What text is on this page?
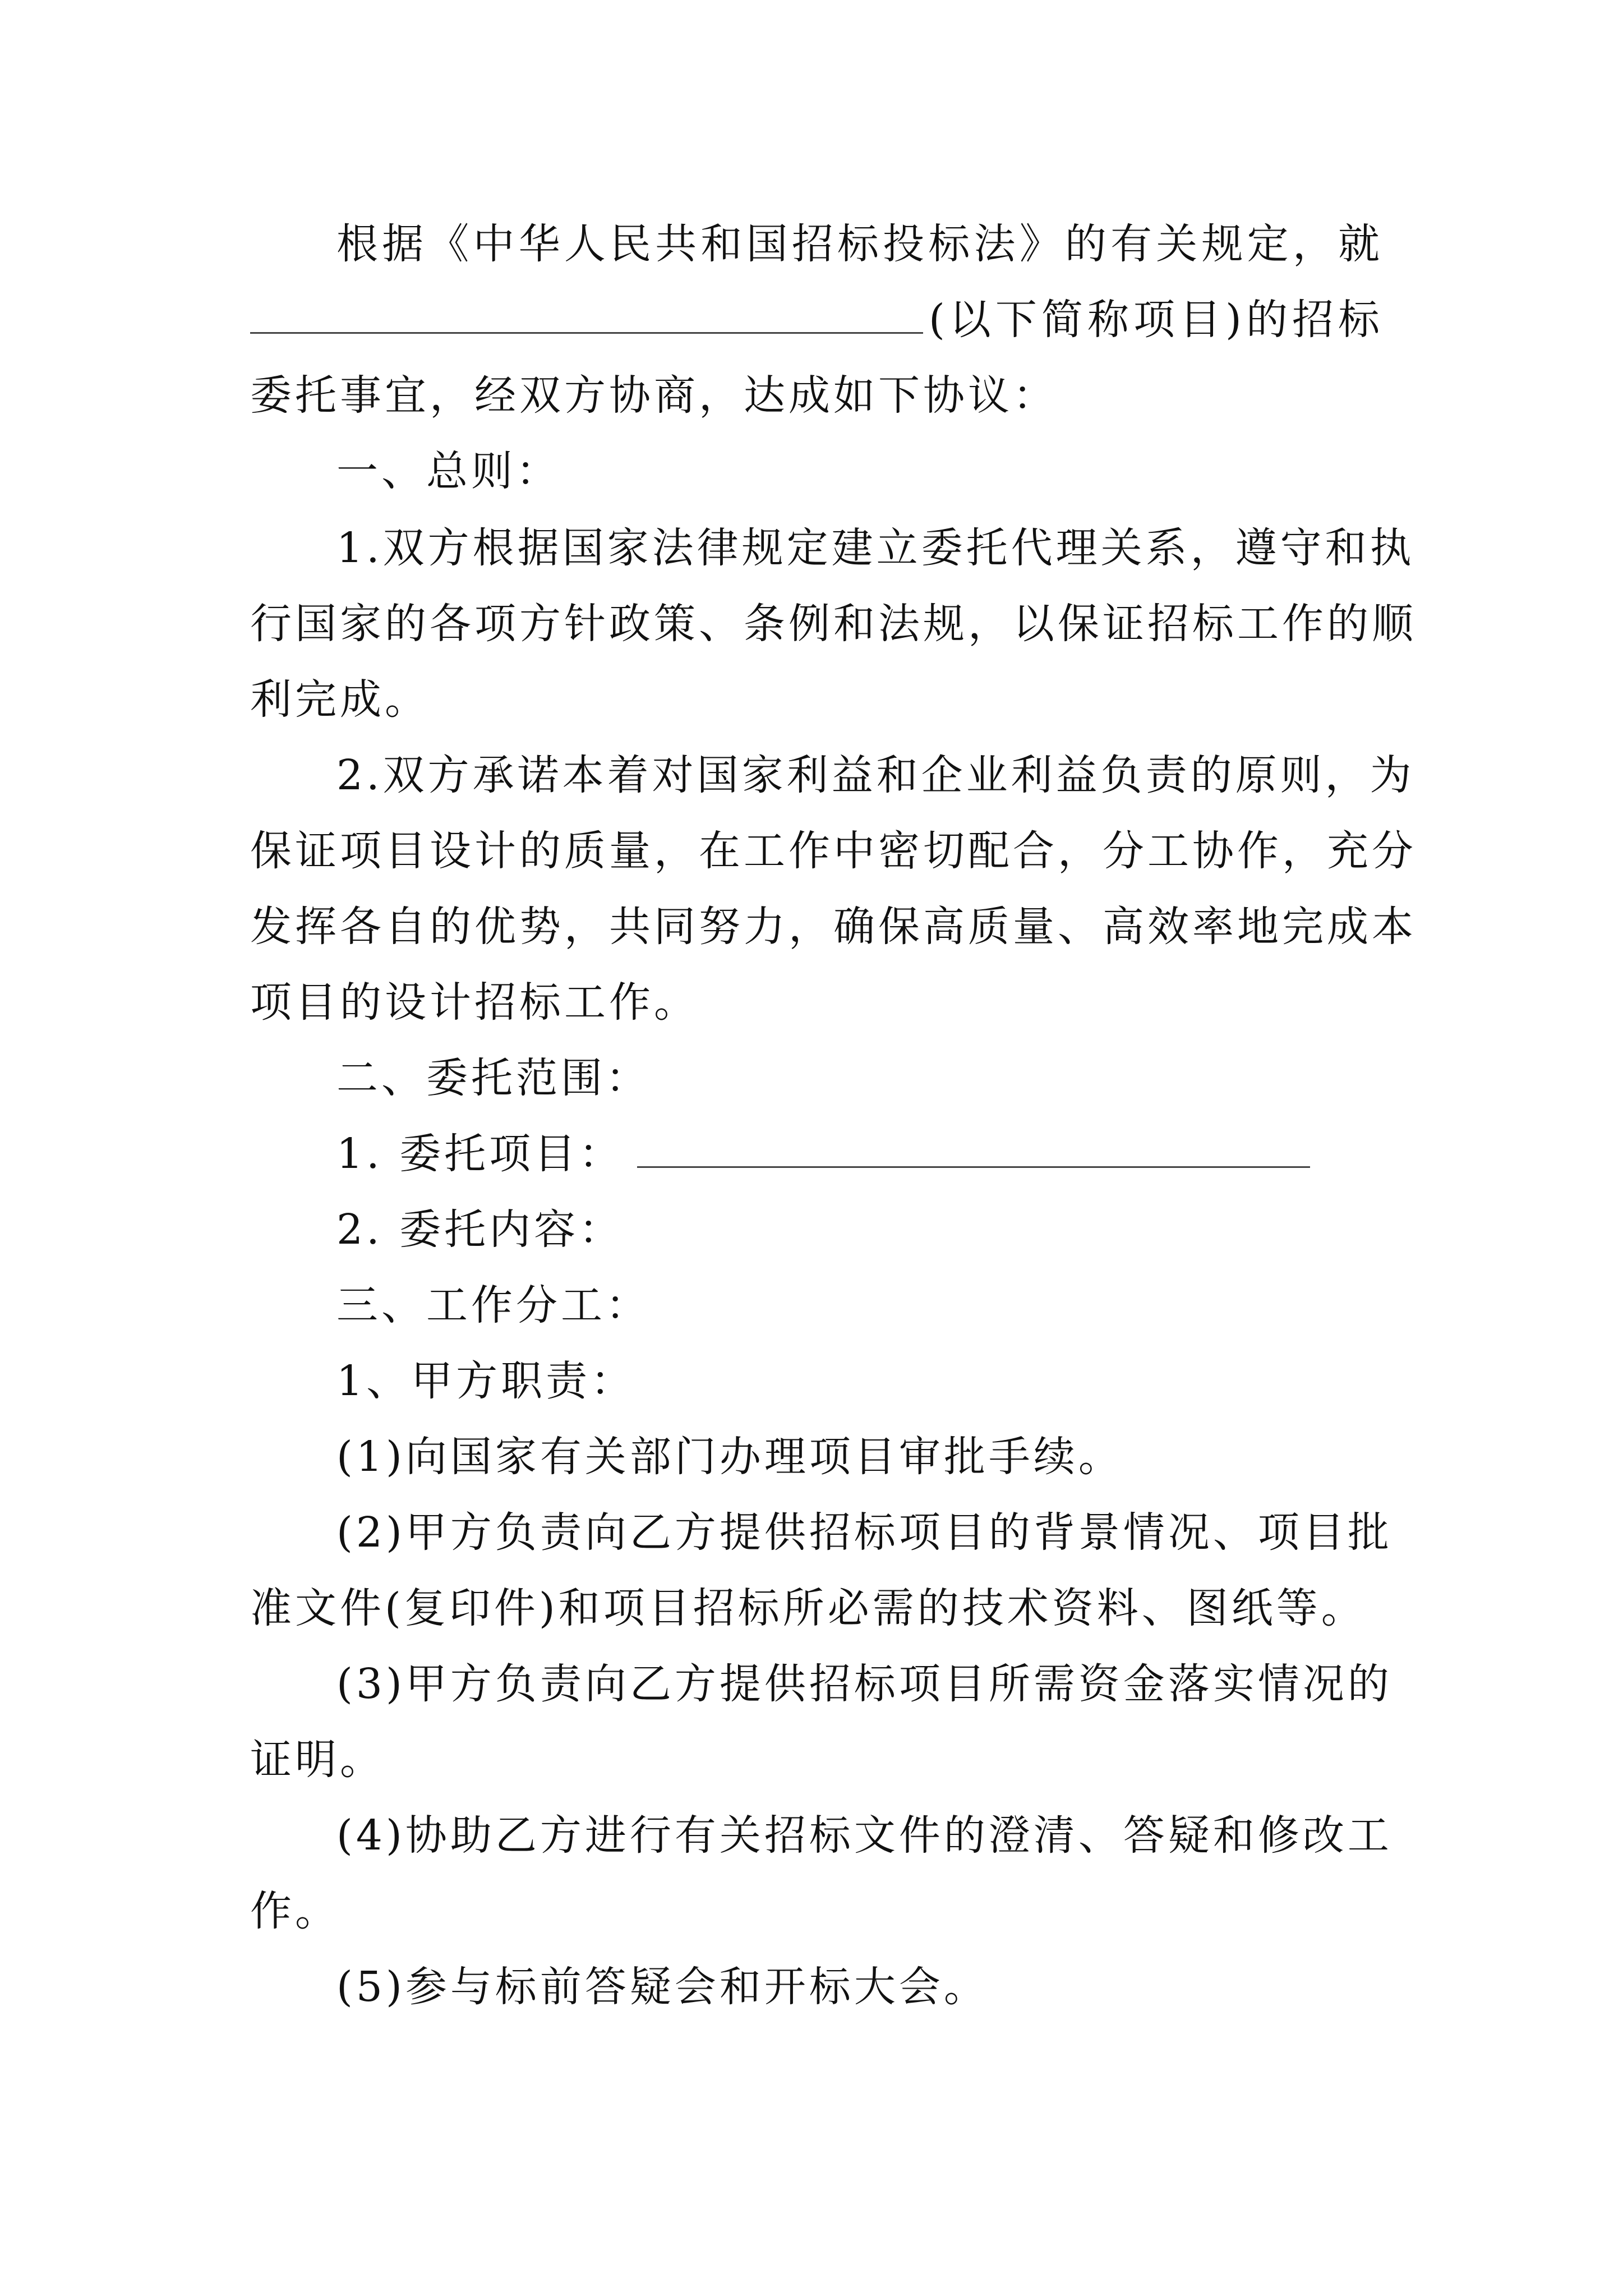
根据《中华人民共和国招标投标法》的有关规定，就
(以下简称项目)的招标
委托事宜，经双方协商，达成如下协议：
一、总则：
1.双方根据国家法律规定建立委托代理关系，遵守和执
行国家的各项方针政策、条例和法规，以保证招标工作的顺
利完成。
2.双方承诺本着对国家利益和企业利益负责的原则，为
保证项目设计的质量，在工作中密切配合，分工协作，充分
发挥各自的优势，共同努力，确保高质量、高效率地完成本
项目的设计招标工作。
二、委托范围：
1. 委托项目：
2. 委托内容：
三、工作分工：
1、甲方职责：
(1)向国家有关部门办理项目审批手续。
(2)甲方负责向乙方提供招标项目的背景情况、项目批
准文件(复印件)和项目招标所必需的技术资料、图纸等。
(3)甲方负责向乙方提供招标项目所需资金落实情况的
证明。
(4)协助乙方进行有关招标文件的澄清、答疑和修改工
作。
(5)参与标前答疑会和开标大会。
